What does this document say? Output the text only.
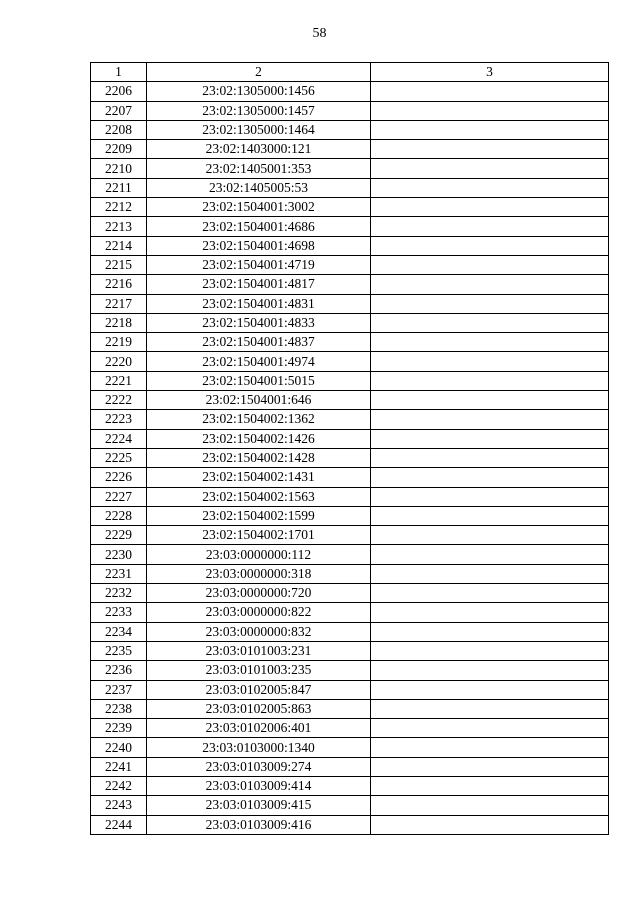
58
1	2	3
2206	23:02:1305000:1456	
2207	23:02:1305000:1457	
2208	23:02:1305000:1464	
2209	23:02:1403000:121	
2210	23:02:1405001:353	
2211	23:02:1405005:53	
2212	23:02:1504001:3002	
2213	23:02:1504001:4686	
2214	23:02:1504001:4698	
2215	23:02:1504001:4719	
2216	23:02:1504001:4817	
2217	23:02:1504001:4831	
2218	23:02:1504001:4833	
2219	23:02:1504001:4837	
2220	23:02:1504001:4974	
2221	23:02:1504001:5015	
2222	23:02:1504001:646	
2223	23:02:1504002:1362	
2224	23:02:1504002:1426	
2225	23:02:1504002:1428	
2226	23:02:1504002:1431	
2227	23:02:1504002:1563	
2228	23:02:1504002:1599	
2229	23:02:1504002:1701	
2230	23:03:0000000:112	
2231	23:03:0000000:318	
2232	23:03:0000000:720	
2233	23:03:0000000:822	
2234	23:03:0000000:832	
2235	23:03:0101003:231	
2236	23:03:0101003:235	
2237	23:03:0102005:847	
2238	23:03:0102005:863	
2239	23:03:0102006:401	
2240	23:03:0103000:1340	
2241	23:03:0103009:274	
2242	23:03:0103009:414	
2243	23:03:0103009:415	
2244	23:03:0103009:416	
